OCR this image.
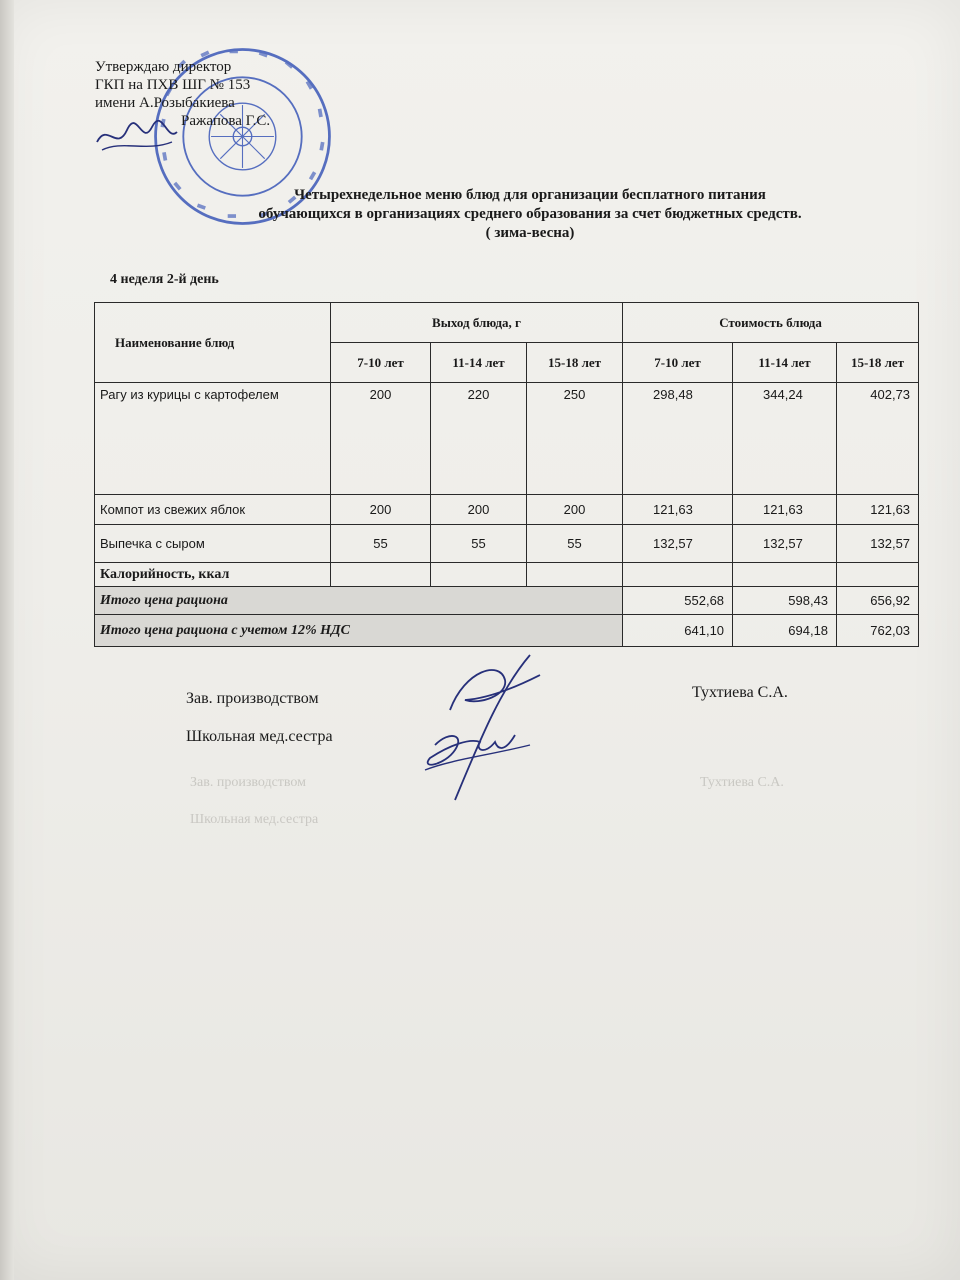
Утверждаю директор
ГКП на ПХВ ШГ № 153
имени А.Розыбакиева
Ражапова Г.С.
Четырехнедельное меню блюд для организации бесплатного питания
обучающихся в организациях среднего образования за счет бюджетных средств.
( зима-весна)
4 неделя 2-й день
Наименование блюд	Выход блюда, г			Стоимость блюда		
	7-10 лет	11-14 лет	15-18 лет	7-10 лет	11-14 лет	15-18 лет
Рагу из курицы с картофелем	200	220	250	298,48	344,24	402,73
Компот из свежих яблок	200	200	200	121,63	121,63	121,63
Выпечка с сыром	55	55	55	132,57	132,57	132,57
Калорийность, ккал						
Итого цена рациона				552,68	598,43	656,92
Итого цена рациона с учетом 12% НДС				641,10	694,18	762,03
Зав. производством
Школьная мед.сестра
Тухтиева С.А.
Зав. производством	Тухтиева С.А.
Школьная мед.сестра
